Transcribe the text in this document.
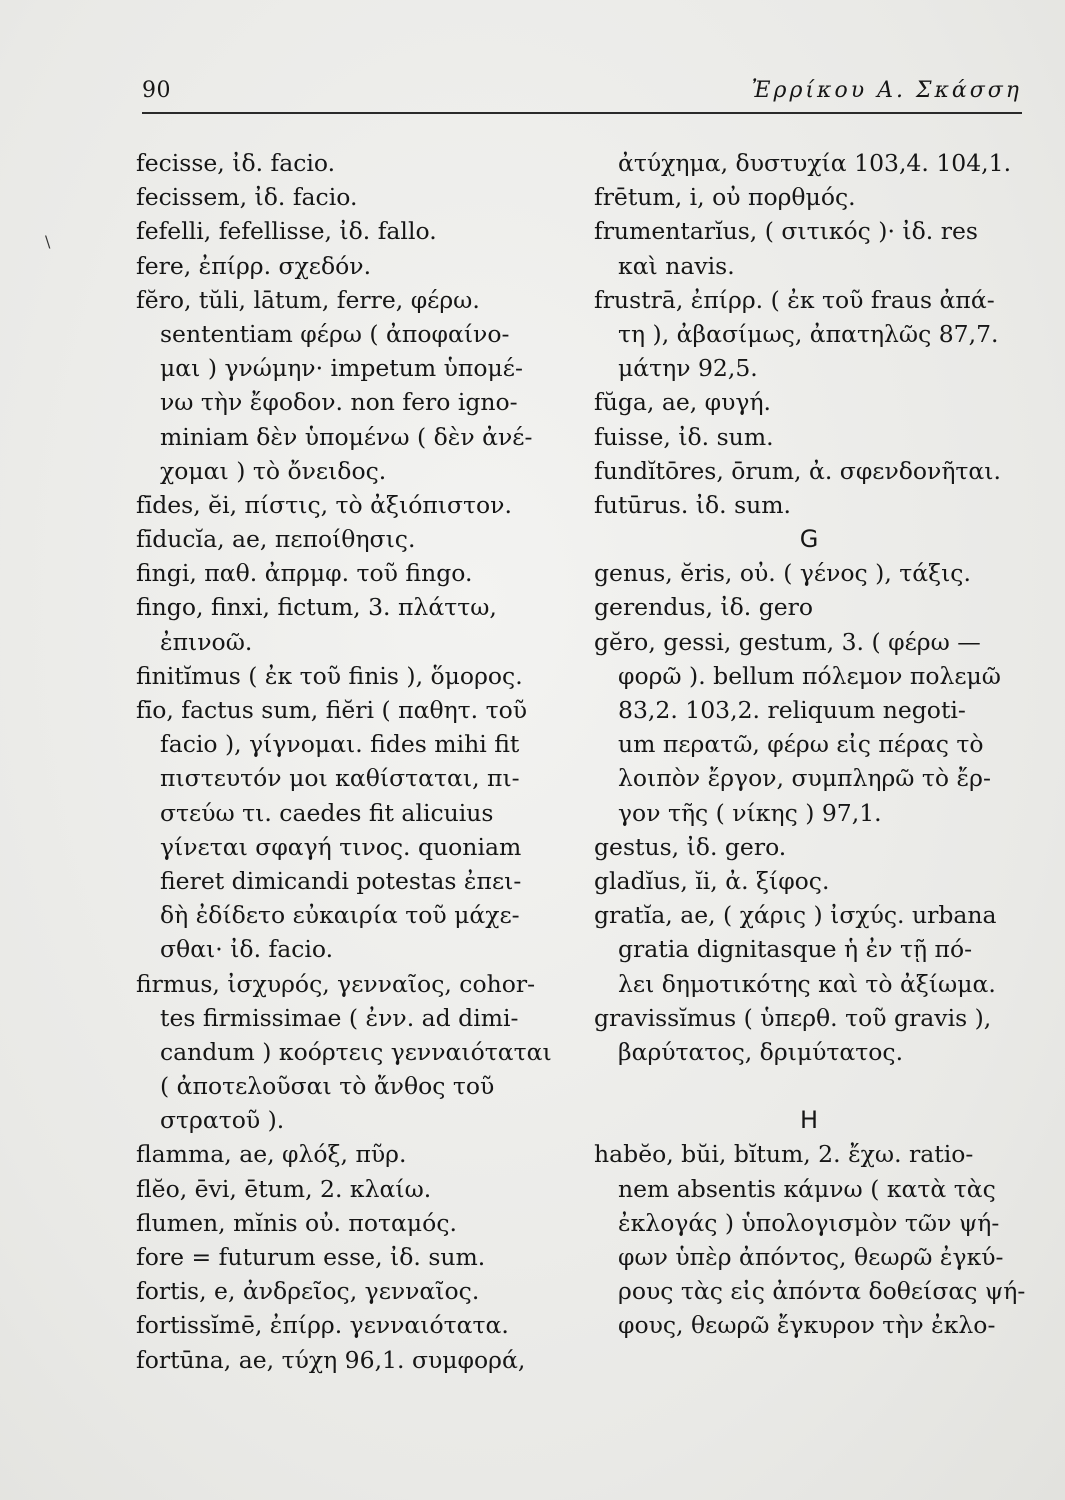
90	Ἐρρίκου Α. Σκάσση
\
fecisse, ἰδ. facio.
fecissem, ἰδ. facio.
fefelli, fefellisse, ἰδ. fallo.
fere, ἐπίρρ. σχεδόν.
fĕro, tŭli, lātum, ferre, φέρω.
sententiam φέρω ( ἀποφαίνο-
μαι ) γνώμην· impetum ὑπομέ-
νω τὴν ἔφοδον. non fero igno-
miniam δὲν ὑπομένω ( δὲν ἀνέ-
χομαι ) τὸ ὄνειδος.
fīdes, ĕi, πίστις, τὸ ἀξιόπιστον.
fīducĭa, ae, πεποίθησις.
fingi, παθ. ἀπρμφ. τοῦ fingo.
fingo, finxi, fictum, 3. πλάττω,
ἐπινοῶ.
finitĭmus ( ἐκ τοῦ finis ), ὅμορος.
fīo, factus sum, fiĕri ( παθητ. τοῦ
facio ), γίγνομαι. fides mihi fit
πιστευτόν μοι καθίσταται, πι-
στεύω τι. caedes fit alicuius
γίνεται σφαγή τινος. quoniam
fieret dimicandi potestas ἐπει-
δὴ ἐδίδετο εὐκαιρία τοῦ μάχε-
σθαι· ἰδ. facio.
firmus, ἰσχυρός, γενναῖος, cohor-
tes firmissimae ( ἐνν. ad dimi-
candum ) κοόρτεις γενναιόταται
( ἀποτελοῦσαι τὸ ἄνθος τοῦ
στρατοῦ ).
flamma, ae, φλόξ, πῦρ.
flĕo, ēvi, ētum, 2. κλαίω.
flumen, mĭnis οὐ. ποταμός.
fore = futurum esse, ἰδ. sum.
fortis, e, ἀνδρεῖος, γενναῖος.
fortissĭmē, ἐπίρρ. γενναιότατα.
fortūna, ae, τύχη 96,1. συμφορά,
ἀτύχημα, δυστυχία 103,4. 104,1.
frētum, i, οὐ πορθμός.
frumentarĭus, ( σιτικός )· ἰδ. res
καὶ navis.
frustrā, ἐπίρρ. ( ἐκ τοῦ fraus ἀπά-
τη ), ἀβασίμως, ἀπατηλῶς 87,7.
μάτην 92,5.
fŭga, ae, φυγή.
fuisse, ἰδ. sum.
fundĭtōres, ōrum, ἀ. σφενδονῆται.
futūrus. ἰδ. sum.
G
genus, ĕris, οὐ. ( γένος ), τάξις.
gerendus, ἰδ. gero
gĕro, gessi, gestum, 3. ( φέρω —
φορῶ ). bellum πόλεμον πολεμῶ
83,2. 103,2. reliquum negoti-
um περατῶ, φέρω εἰς πέρας τὸ
λοιπὸν ἔργον, συμπληρῶ τὸ ἔρ-
γον τῆς ( νίκης ) 97,1.
gestus, ἰδ. gero.
gladĭus, ĭi, ἀ. ξίφος.
gratĭa, ae, ( χάρις ) ἰσχύς. urbana
gratia dignitasque ἡ ἐν τῇ πό-
λει δημοτικότης καὶ τὸ ἀξίωμα.
gravissĭmus ( ὑπερθ. τοῦ gravis ),
βαρύτατος, δριμύτατος.
H
habĕo, bŭi, bĭtum, 2. ἔχω. ratio-
nem absentis κάμνω ( κατὰ τὰς
ἐκλογάς ) ὑπολογισμὸν τῶν ψή-
φων ὑπὲρ ἀπόντος, θεωρῶ ἐγκύ-
ρους τὰς εἰς ἀπόντα δοθείσας ψή-
φους, θεωρῶ ἔγκυρον τὴν ἐκλο-
